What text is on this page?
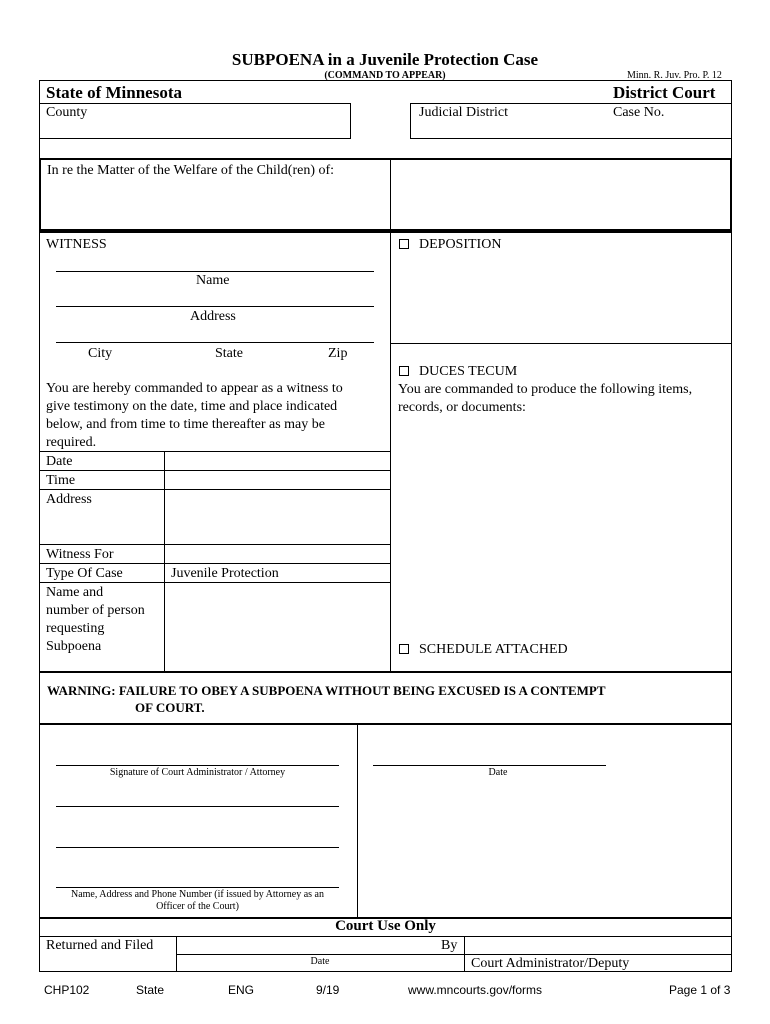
SUBPOENA in a Juvenile Protection Case
(COMMAND TO APPEAR)	Minn. R. Juv. Pro. P. 12
State of Minnesota	District Court
County	Judicial District	Case No.
In re the Matter of the Welfare of the Child(ren) of:
WITNESS
Name
Address
City	State	Zip
You are hereby commanded to appear as a witness to
give testimony on the date, time and place indicated
below, and from time to time thereafter as may be
required.
Date
Time
Address
Witness For
Type Of Case	Juvenile Protection
Name and
number of person
requesting
Subpoena
DEPOSITION
DUCES TECUM
You are commanded to produce the following items,
records, or documents:
SCHEDULE ATTACHED
WARNING: FAILURE TO OBEY A SUBPOENA WITHOUT BEING EXCUSED IS A CONTEMPT
OF COURT.
Signature of Court Administrator / Attorney	Date
Name, Address and Phone Number (if issued by Attorney as an
Officer of the Court)
Court Use Only
Returned and Filed	By
Date	Court Administrator/Deputy
CHP102	State	ENG	9/19	www.mncourts.gov/forms	Page 1 of 3
